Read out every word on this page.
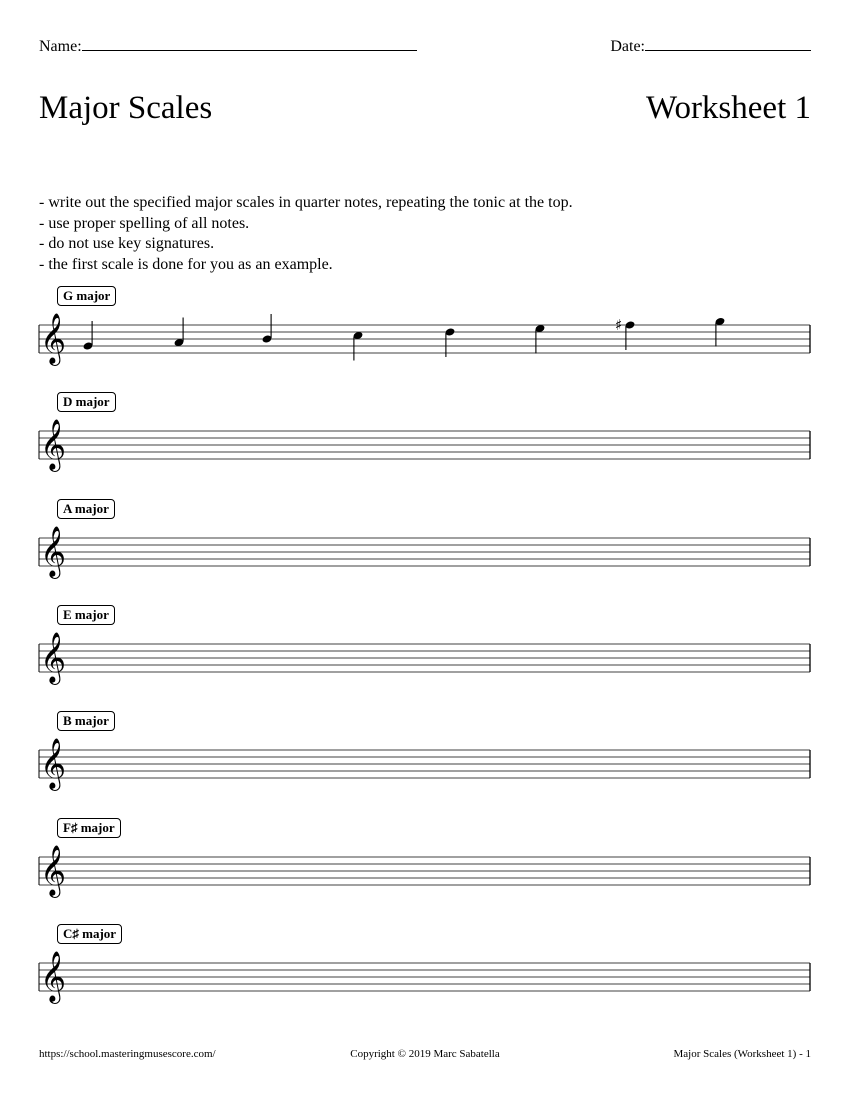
Name:	Date:
Major Scales	Worksheet 1
- write out the specified major scales in quarter notes, repeating the tonic at the top.
- use proper spelling of all notes.
- do not use key signatures.
- the first scale is done for you as an example.
G major
𝄞	♯
D major
𝄞
A major
𝄞
E major
𝄞
B major
𝄞
F♯ major
𝄞
C♯ major
𝄞
https://school.masteringmusescore.com/	Copyright © 2019 Marc Sabatella	Major Scales (Worksheet 1) - 1
